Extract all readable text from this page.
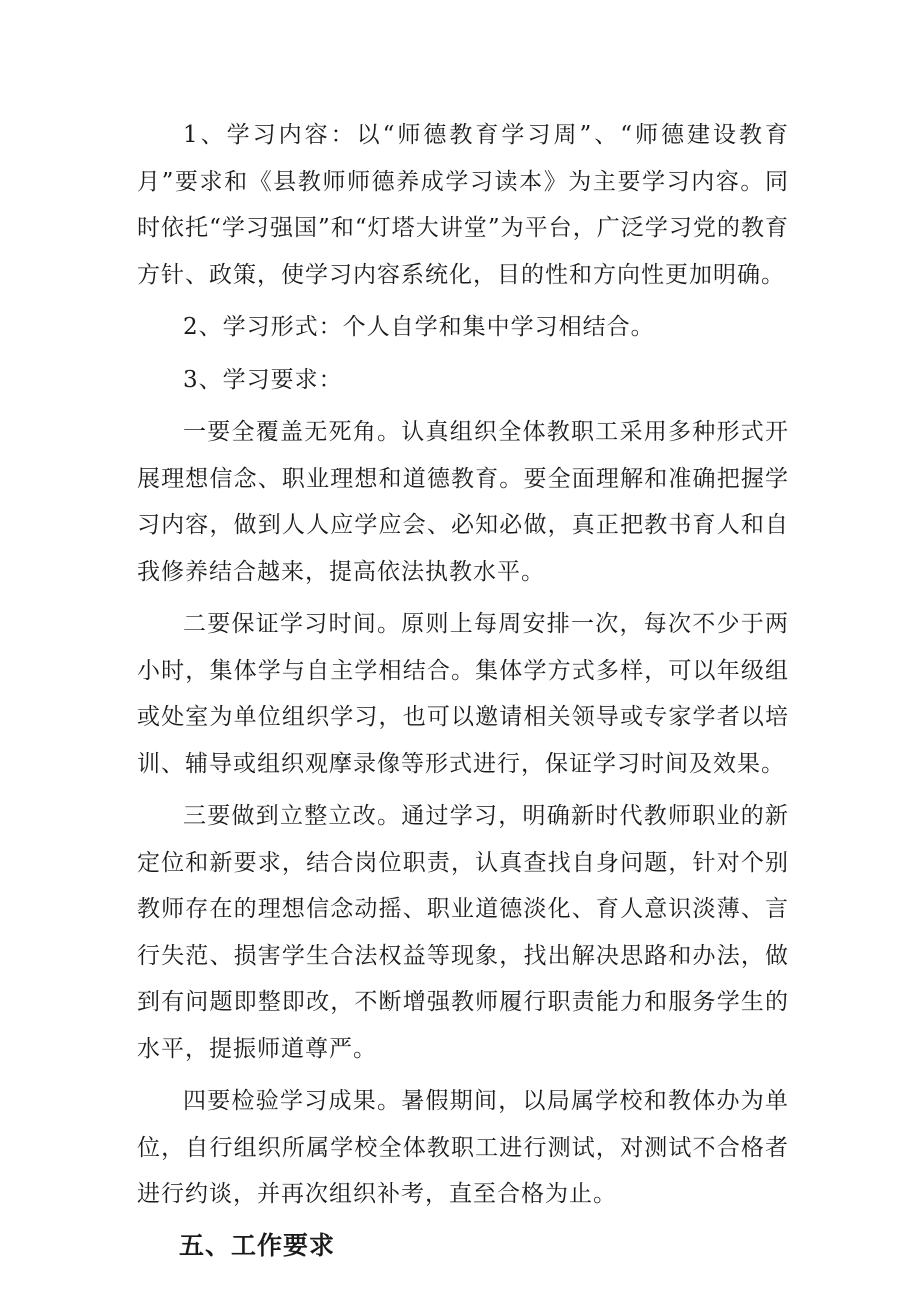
1、学习内容：以“师德教育学习周”、“师德建设教育月”要求和《县教师师德养成学习读本》为主要学习内容。同时依托“学习强国”和“灯塔大讲堂”为平台，广泛学习党的教育方针、政策，使学习内容系统化，目的性和方向性更加明确。

2、学习形式：个人自学和集中学习相结合。

3、学习要求：

一要全覆盖无死角。认真组织全体教职工采用多种形式开展理想信念、职业理想和道德教育。要全面理解和准确把握学习内容，做到人人应学应会、必知必做，真正把教书育人和自我修养结合越来，提高依法执教水平。

二要保证学习时间。原则上每周安排一次，每次不少于两小时，集体学与自主学相结合。集体学方式多样，可以年级组或处室为单位组织学习，也可以邀请相关领导或专家学者以培训、辅导或组织观摩录像等形式进行，保证学习时间及效果。

三要做到立整立改。通过学习，明确新时代教师职业的新定位和新要求，结合岗位职责，认真查找自身问题，针对个别教师存在的理想信念动摇、职业道德淡化、育人意识淡薄、言行失范、损害学生合法权益等现象，找出解决思路和办法，做到有问题即整即改，不断增强教师履行职责能力和服务学生的水平，提振师道尊严。

四要检验学习成果。暑假期间，以局属学校和教体办为单位，自行组织所属学校全体教职工进行测试，对测试不合格者进行约谈，并再次组织补考，直至合格为止。

五、工作要求
